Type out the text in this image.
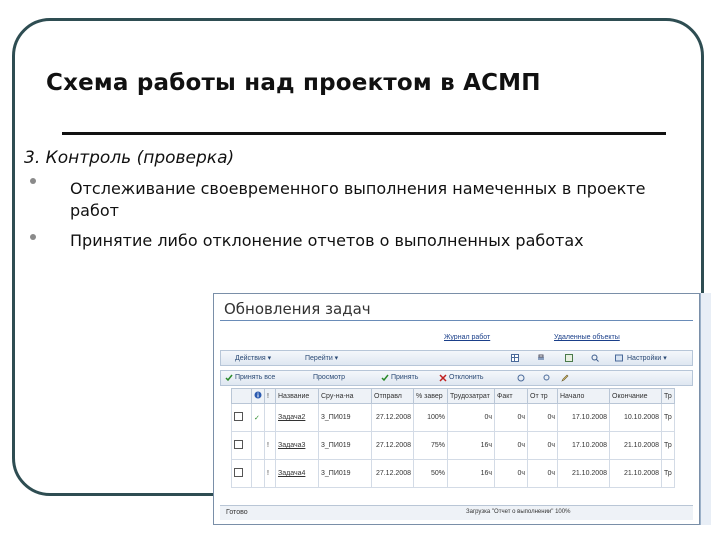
Схема работы над проектом в АСМП
3. Контроль (проверка)
Отслеживание своевременного выполнения намеченных в проекте работ
Принятие либо отклонение отчетов о выполненных работах
Обновления задач
Журнал работ	Удаленные объекты
Действия ▾	Перейти ▾	Настройки ▾
Принять все	Просмотр	Принять	Отклонить
		!	Название	Сру-на-на	Отправл	% завер	Трудозатрат	Факт	От тр	Начало	Окончание	Тр
	✓		Задача2	3_ПИ019	27.12.2008	100%	0ч	0ч	0ч	17.10.2008	10.10.2008	Тр
		!	Задача3	3_ПИ019	27.12.2008	75%	16ч	0ч	0ч	17.10.2008	21.10.2008	Тр
		!	Задача4	3_ПИ019	27.12.2008	50%	16ч	0ч	0ч	21.10.2008	21.10.2008	Тр
Готово	Загрузка "Отчет о выполнении" 100%
